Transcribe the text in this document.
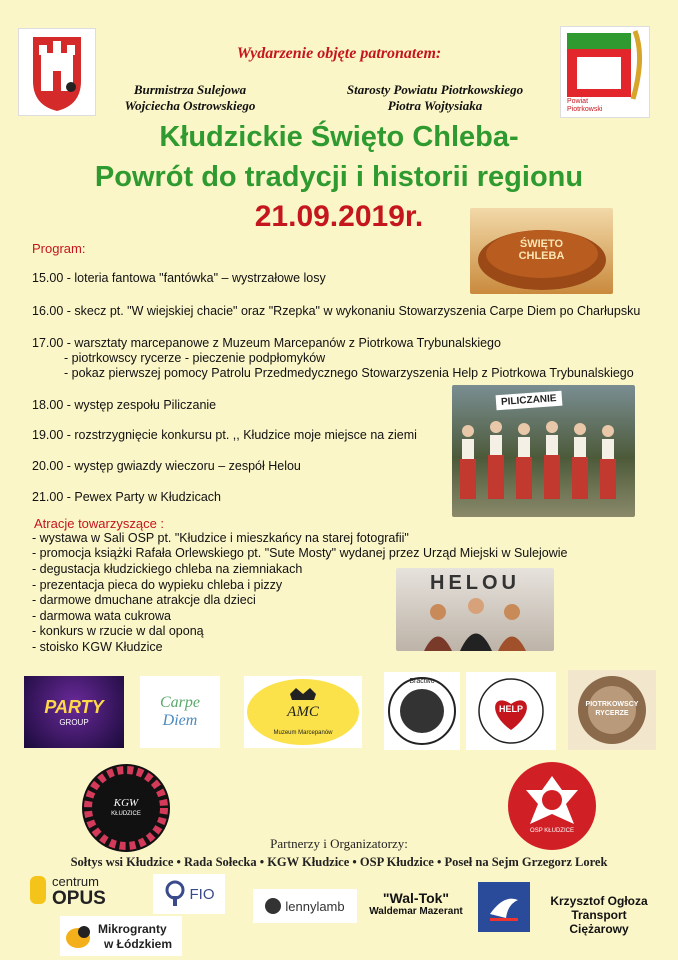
Wydarzenie objęte patronatem:
Burmistrza Sulejowa
Wojciecha Ostrowskiego
Starosty Powiatu Piotrkowskiego
Piotra Wojtysiaka	Powiat
Piotrkowski
Kłudzickie Święto Chleba-
Powrót do tradycji i historii regionu
21.09.2019r.
ŚWIĘTO
CHLEBA
Program:
15.00 - loteria fantowa "fantówka" – wystrzałowe losy
16.00 - skecz pt. "W wiejskiej chacie" oraz "Rzepka" w wykonaniu Stowarzyszenia Carpe Diem po Charłupsku
17.00 - warsztaty marcepanowe z Muzeum Marcepanów z Piotrkowa Trybunalskiego
- piotrkowscy rycerze - pieczenie podpłomyków
- pokaz pierwszej pomocy Patrolu Przedmedycznego Stowarzyszenia Help z Piotrkowa Trybunalskiego
18.00 - występ zespołu Piliczanie
19.00 - rozstrzygnięcie konkursu pt. ,, Kłudzice moje miejsce na ziemi
20.00 - występ gwiazdy wieczoru – zespół Helou
21.00 - Pewex Party w Kłudzicach
PILICZANIE
Atracje towarzyszące :
- wystawa w Sali OSP pt. "Kłudzice i mieszkańcy na starej fotografii"
- promocja książki Rafała Orlewskiego pt. "Sute Mosty" wydanej przez Urząd Miejski w Sulejowie
- degustacja kłudzickiego chleba na ziemniakach
- prezentacja pieca do wypieku chleba i pizzy
- darmowe dmuchane atrakcje dla dzieci
- darmowa wata cukrowa
- konkurs w rzucie w dal oponą
- stoisko KGW Kłudzice
HELOU
PARTY
GROUP
Carpe
Diem	AMC
Muzeum Marcepanów
Bractwo
HELP	PIOTRKOWSCY
RYCERZE
KGW
KŁUDZICE
OSP KŁUDZICE
Partnerzy i Organizatorzy:
Sołtys wsi Kłudzice • Rada Sołecka • KGW Kłudzice • OSP Kłudzice • Poseł na Sejm Grzegorz Lorek
centrum
OPUS	FIO
lennylamb	"Wal-Tok"
Waldemar Mazerant
Krzysztof Ogłoza
Transport Ciężarowy
Mikrogranty
w Łódzkiem
